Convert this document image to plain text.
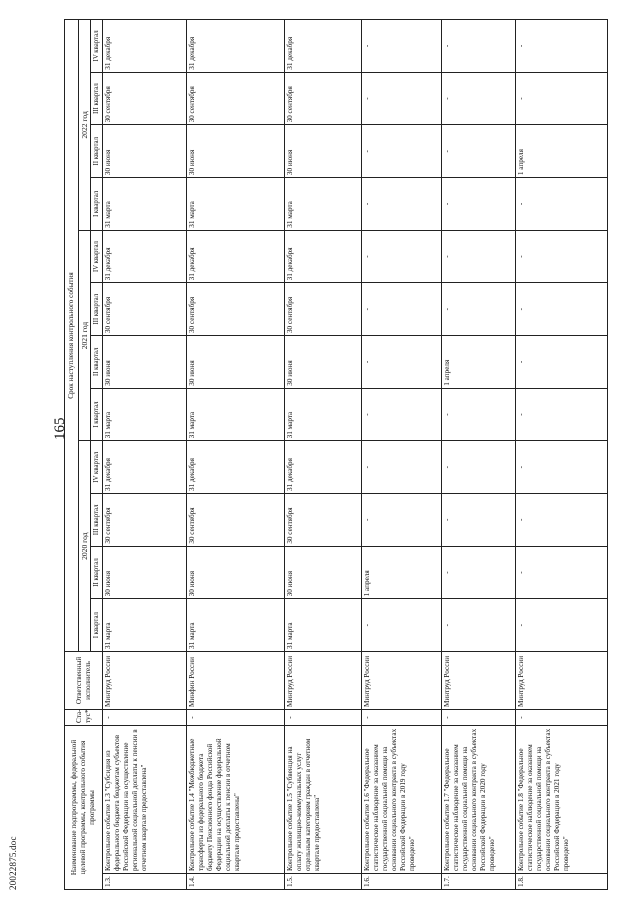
165
20022875.doc	Наименование подпрограммы, федеральной целевой программы, контрольного события программы		Ста-тус*	Ответственный исполнитель	Срок наступления контрольного события											
				2020 год				2021 год				2022 год			
				I квартал	II квартал	III квартал	IV квартал	I квартал	II квартал	III квартал	IV квартал	I квартал	II квартал	III квартал	IV квартал
1.3.	Контрольное событие 1.3 "Субсидия из федерального бюджета бюджетам субъектов Российской Федерации на осуществление региональной социальной доплаты к пенсии в отчетном квартале предоставлена"	-	Минтруд России	31 марта	30 июня	30 сентября	31 декабря	31 марта	30 июня	30 сентября	31 декабря	31 марта	30 июня	30 сентября	31 декабря
1.4.	Контрольное событие 1.4 "Межбюджетные трансферты из федерального бюджета бюджету Пенсионного фонда Российской Федерации на осуществление федеральной социальной доплаты к пенсии в отчетном квартале предоставлены"	-	Минфин России	31 марта	30 июня	30 сентября	31 декабря	31 марта	30 июня	30 сентября	31 декабря	31 марта	30 июня	30 сентября	31 декабря
1.5.	Контрольное событие 1.5 "Субвенция на оплату жилищно-коммунальных услуг отдельным категориям граждан в отчетном квартале предоставлена"	-	Минтруд России	31 марта	30 июня	30 сентября	31 декабря	31 марта	30 июня	30 сентября	31 декабря	31 марта	30 июня	30 сентября	31 декабря
1.6.	Контрольное событие 1.6 "Федеральное статистическое наблюдение за оказанием государственной социальной помощи на основании социального контракта в субъектах Российской Федерации в 2019 году проведено"	-	Минтруд России	-	1 апреля	-	-	-	-	-	-	-	-	-	-
1.7.	Контрольное событие 1.7 "Федеральное статистическое наблюдение за оказанием государственной социальной помощи на основании социального контракта в субъектах Российской Федерации в 2020 году проведено"	-	Минтруд России	-	-	-	-	-	1 апреля	-	-	-	-	-	-
1.8.	Контрольное событие 1.8 "Федеральное статистическое наблюдение за оказанием государственной социальной помощи на основании социального контракта в субъектах Российской Федерации в 2021 году проведено"	-	Минтруд России	-	-	-	-	-	-	-	-	-	1 апреля	-	-
